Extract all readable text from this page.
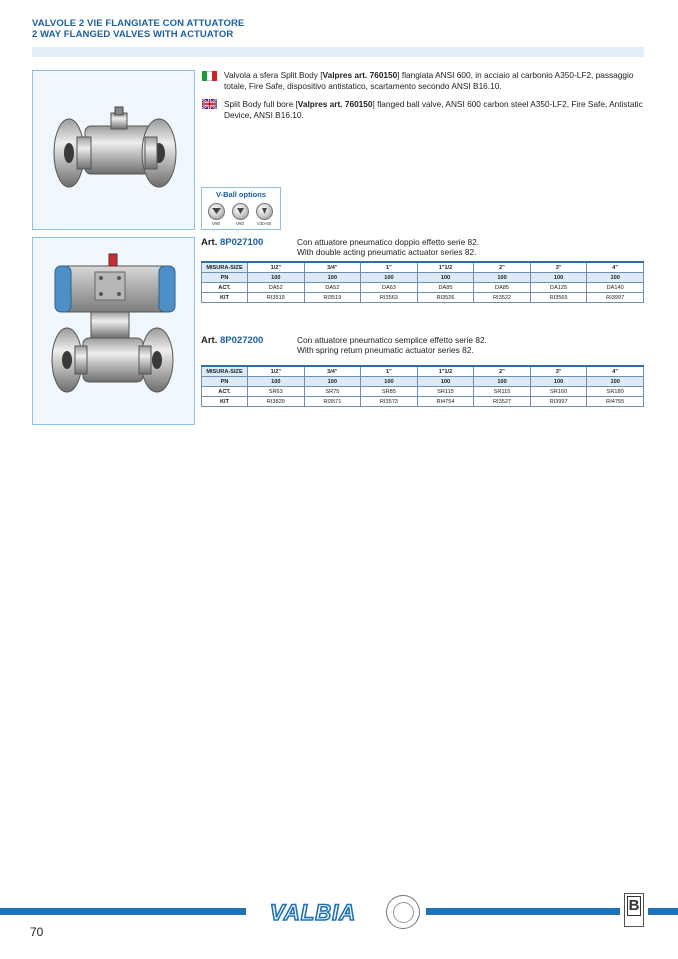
VALVOLE 2 VIE FLANGIATE CON ATTUATORE
2 WAY FLANGED VALVES WITH ACTUATOR
Valvola a sfera Split Body [Valpres art. 760150] flangiata ANSI 600, in acciaio al carbonio A350-LF2, passaggio totale, Fire Safe, dispositivo antistatico, scartamento secondo ANSI B16.10.
Split Body full bore [Valpres art. 760150] flanged ball valve, ANSI 600 carbon steel A350-LF2, Fire Safe, Antistatic Device, ANSI B16.10.
V-Ball options
V90	V60	V30-60
Art. 8P027100	Con attuatore pneumatico doppio effetto serie 82.
With double acting pneumatic actuator series 82.
MISURA-SIZE	1/2"	3/4"	1"	1"1/2	2"	3"	4"
PN	100	100	100	100	100	100	100
ACT.	DA52	DA52	DA63	DA85	DA85	DA125	DA140
KIT	RI3519	RI3519	RI3563	RI3526	RI3522	RI3565	RI3997
Art. 8P027200	Con attuatore pneumatico semplice effetto serie 82.
With spring return pneumatic actuator series 82.
MISURA-SIZE	1/2"	3/4"	1"	1"1/2	2"	3"	4"
PN	100	100	100	100	100	100	100
ACT.	SR63	SR75	SR85	SR115	SR115	SR160	SR180
KIT	RI3829	RI3571	RI3573	RI4754	RI3527	RI3997	RI4755
VALBIA	B
70
